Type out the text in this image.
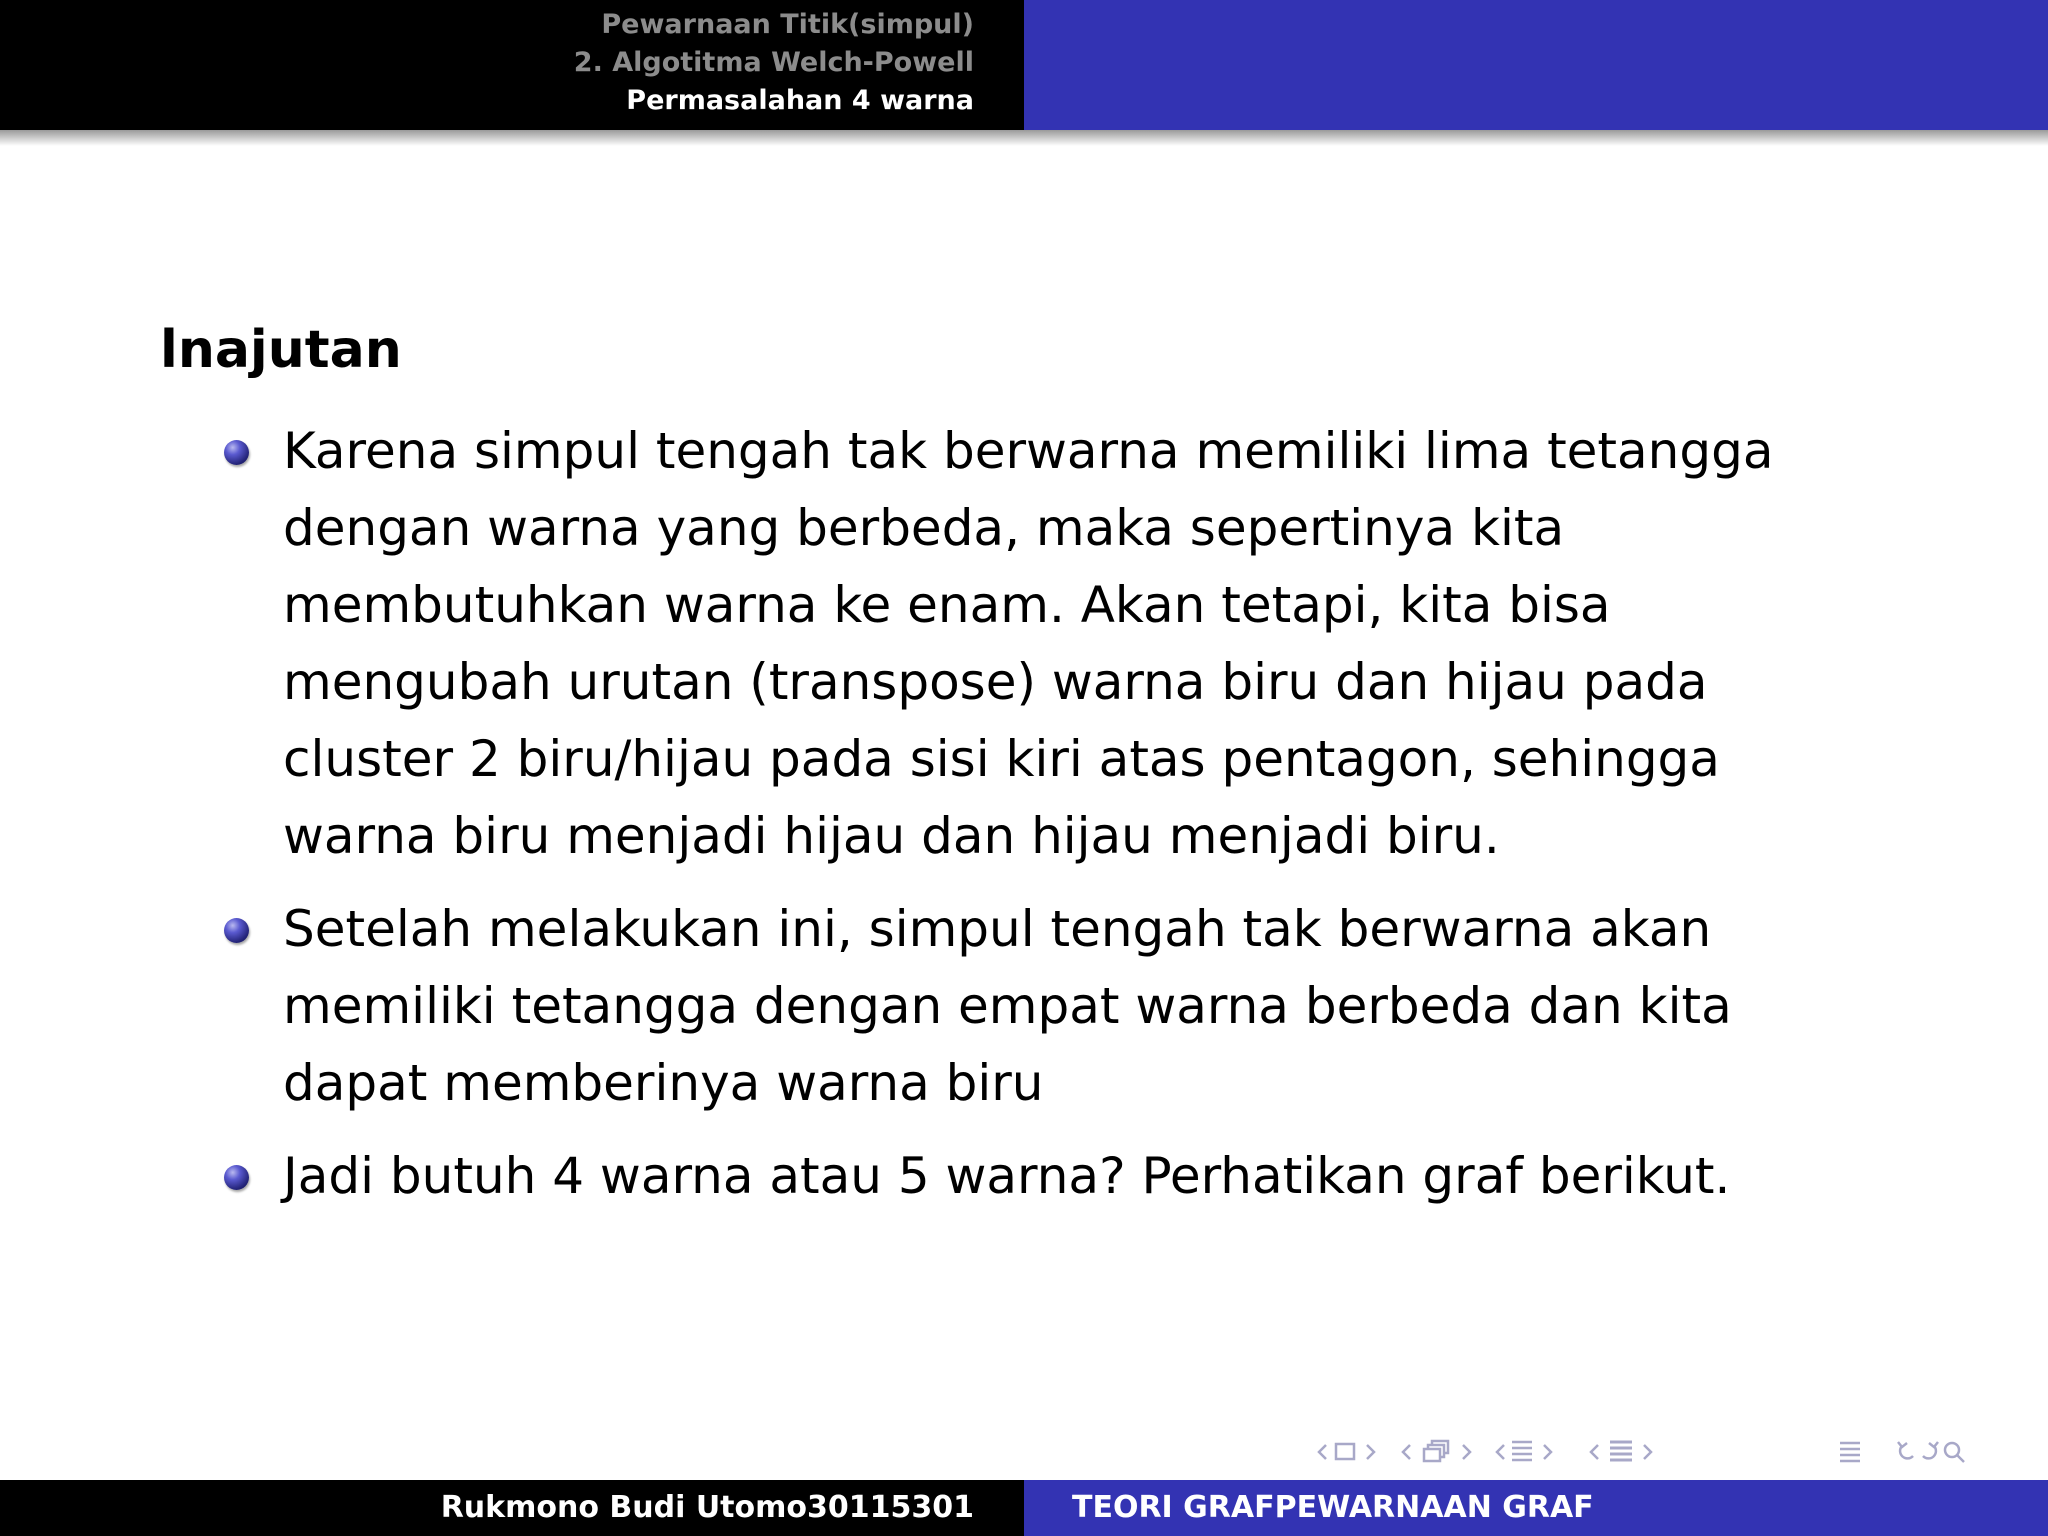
Pewarnaan Titik(simpul)
2. Algotitma Welch-Powell
Permasalahan 4 warna
lnajutan
Karena simpul tengah tak berwarna memiliki lima tetangga dengan warna yang berbeda, maka sepertinya kita membutuhkan warna ke enam. Akan tetapi, kita bisa mengubah urutan (transpose) warna biru dan hijau pada cluster 2 biru/hijau pada sisi kiri atas pentagon, sehingga warna biru menjadi hijau dan hijau menjadi biru.
Setelah melakukan ini, simpul tengah tak berwarna akan memiliki tetangga dengan empat warna berbeda dan kita dapat memberinya warna biru
Jadi butuh 4 warna atau 5 warna? Perhatikan graf berikut.
Rukmono Budi Utomo30115301	TEORI GRAFPEWARNAAN GRAF
